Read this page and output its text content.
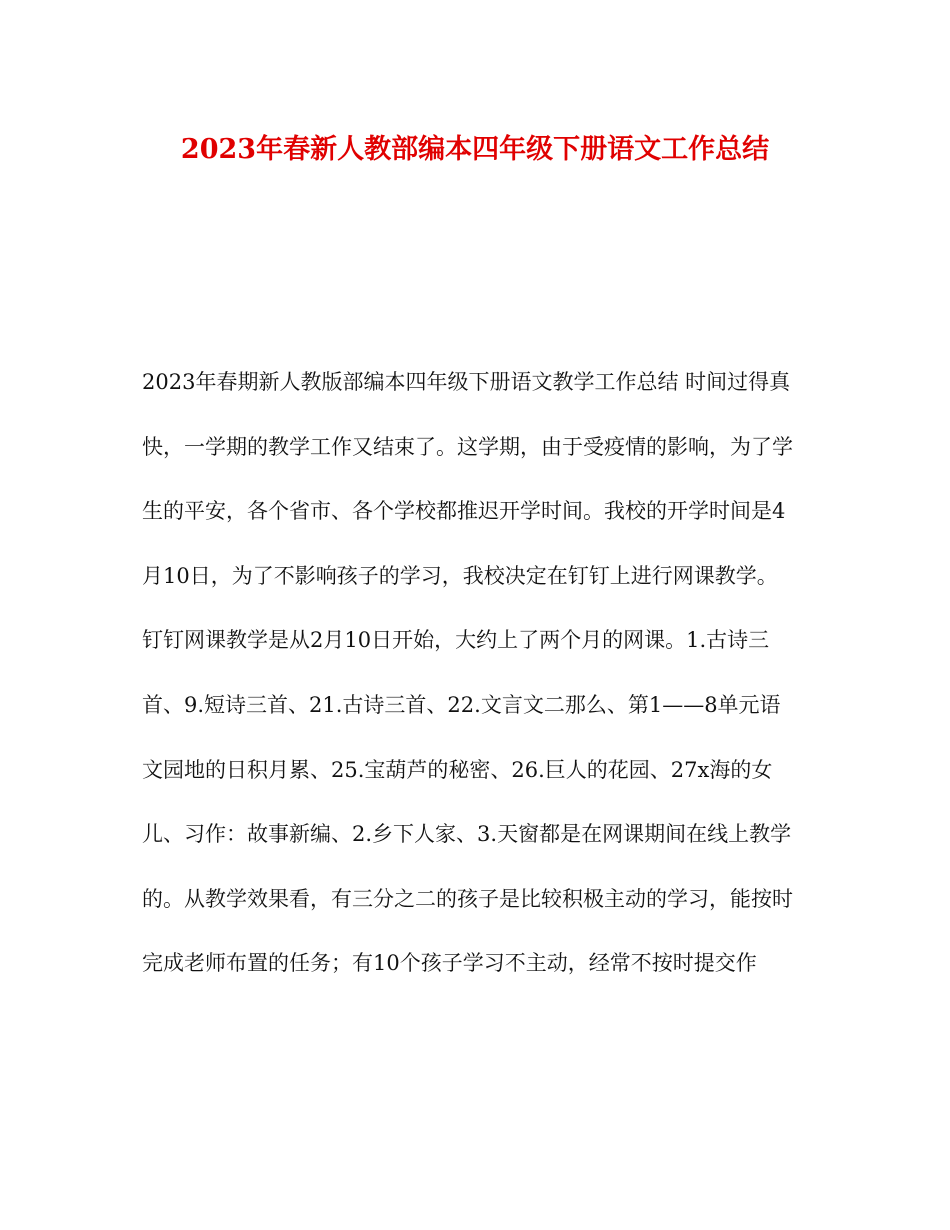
2023年春新人教部编本四年级下册语文工作总结
2023年春期新人教版部编本四年级下册语文教学工作总结 时间过得真
快，一学期的教学工作又结束了。这学期，由于受疫情的影响，为了学
生的平安，各个省市、各个学校都推迟开学时间。我校的开学时间是4
月10日，为了不影响孩子的学习，我校决定在钉钉上进行网课教学。
钉钉网课教学是从2月10日开始，大约上了两个月的网课。1.古诗三
首、9.短诗三首、21.古诗三首、22.文言文二那么、第1——8单元语
文园地的日积月累、25.宝葫芦的秘密、26.巨人的花园、27x海的女
儿、习作：故事新编、2.乡下人家、3.天窗都是在网课期间在线上教学
的。从教学效果看，有三分之二的孩子是比较积极主动的学习，能按时
完成老师布置的任务；有10个孩子学习不主动，经常不按时提交作
